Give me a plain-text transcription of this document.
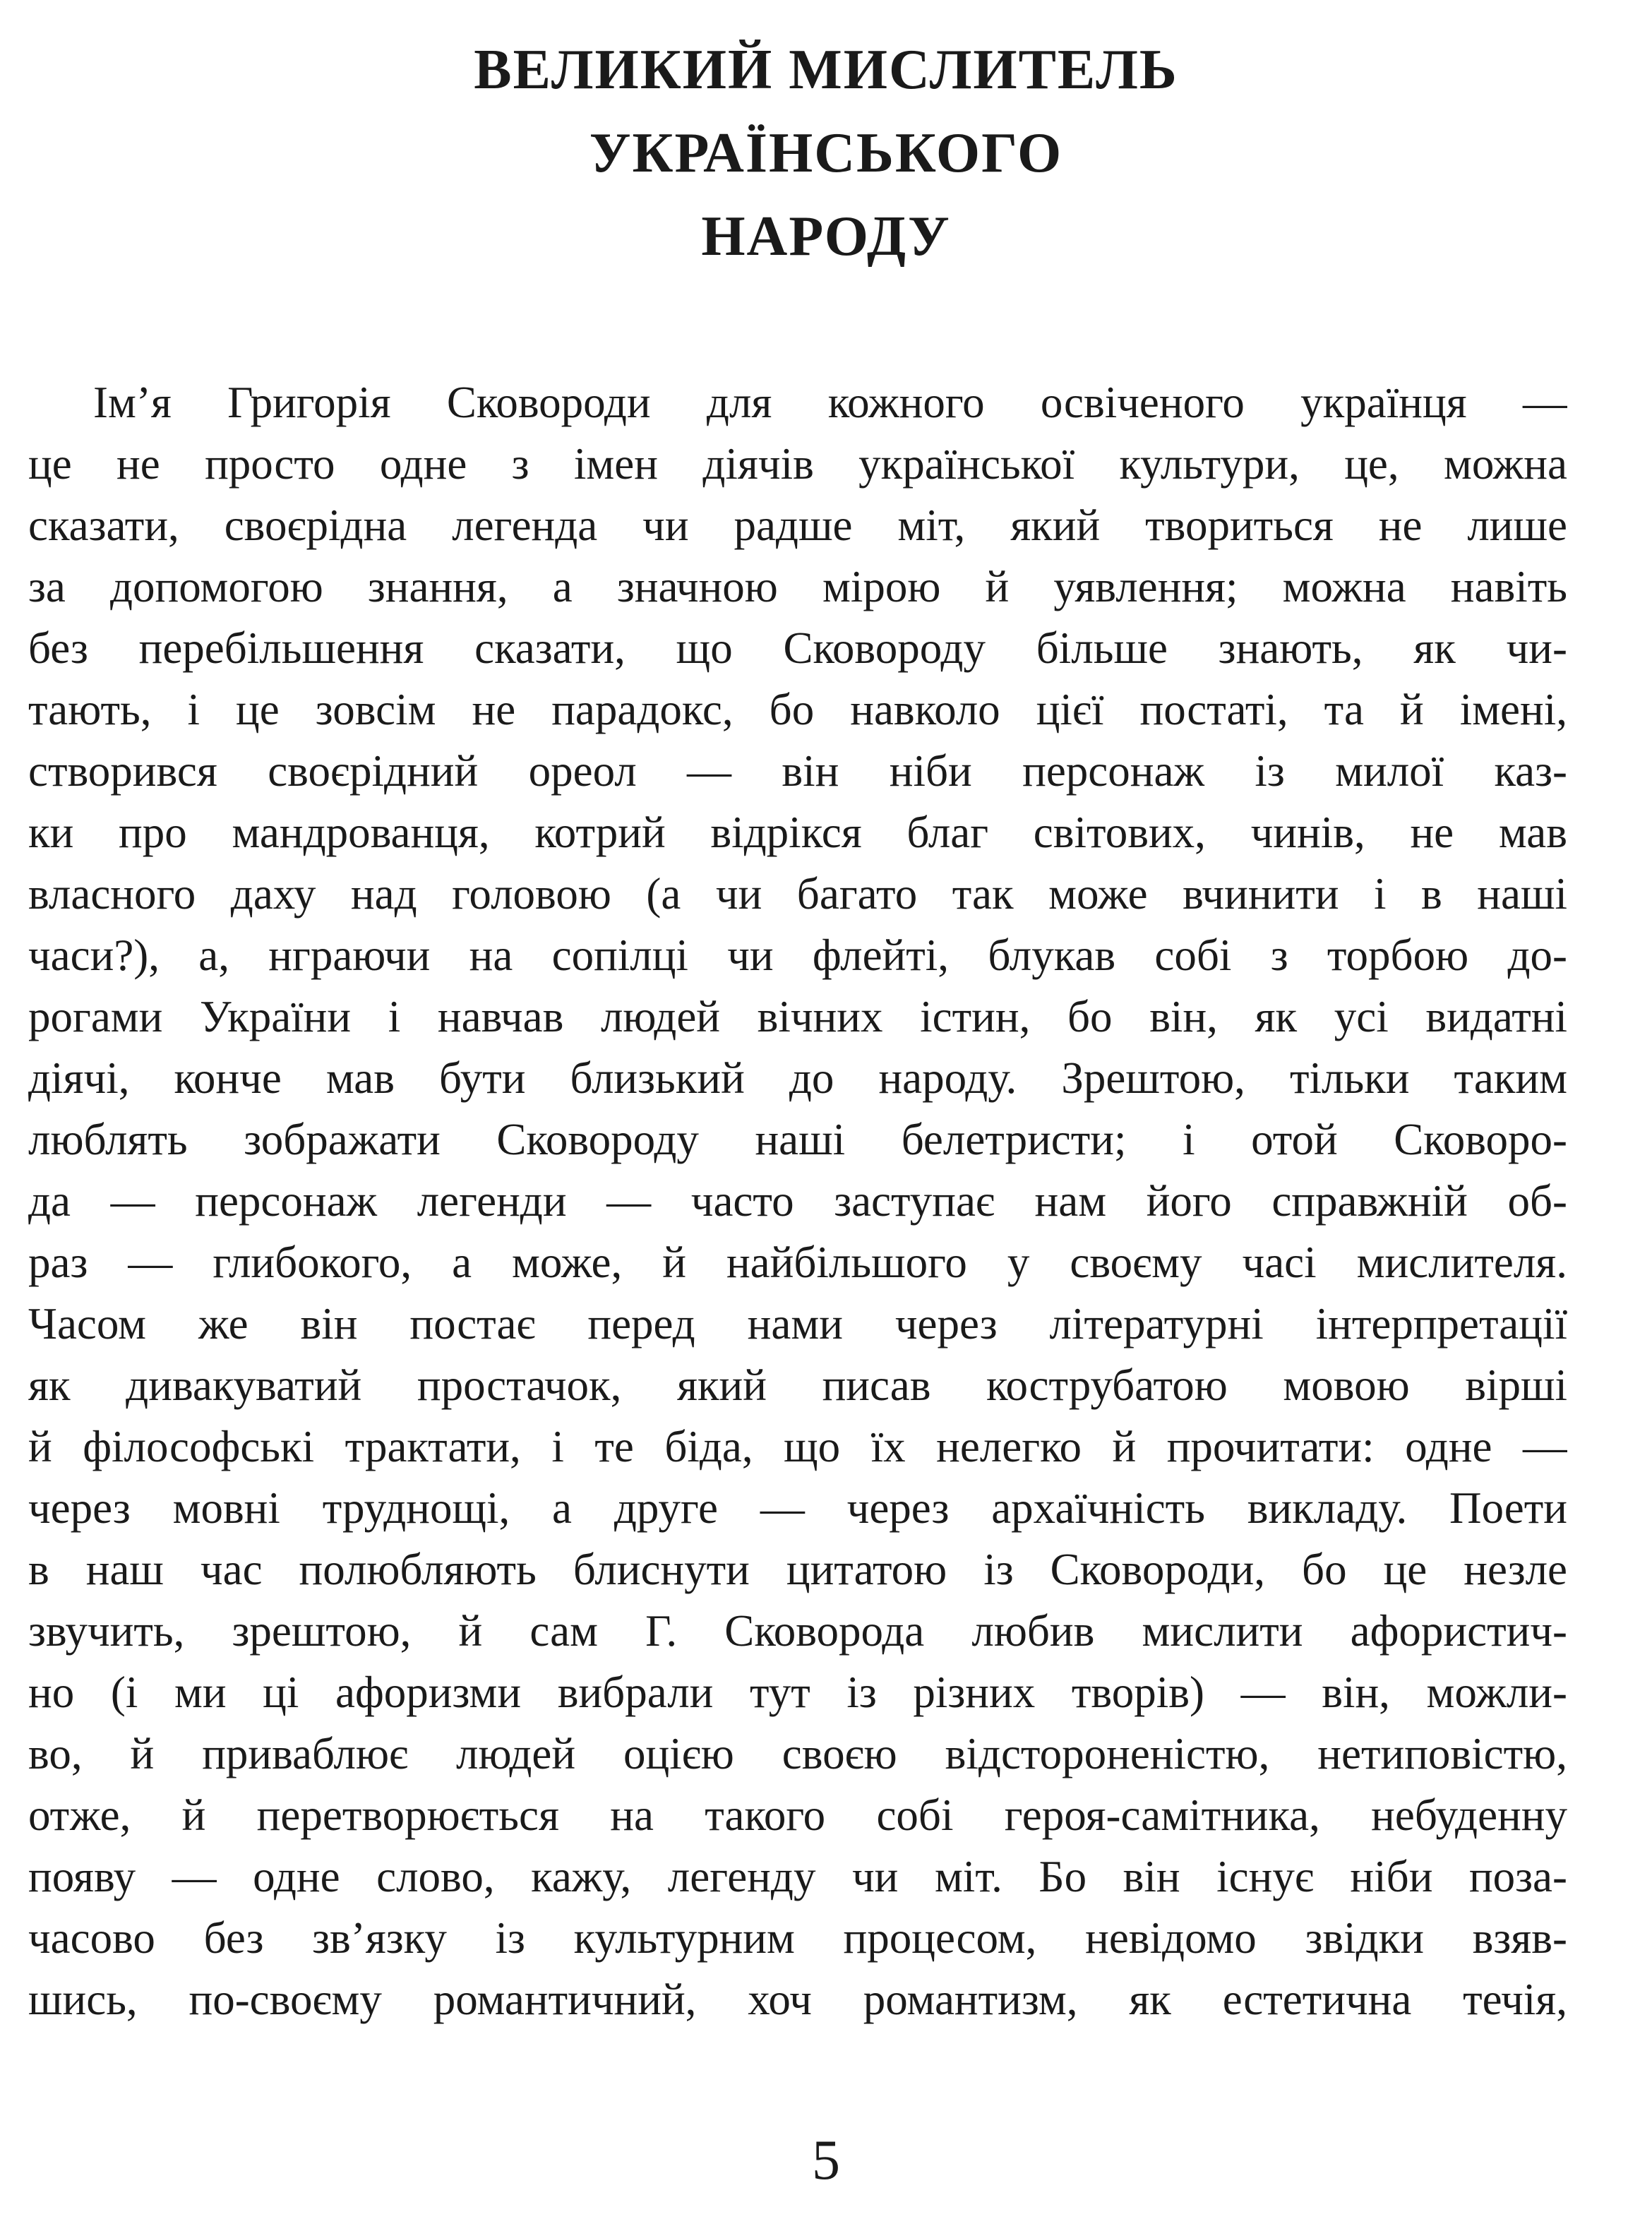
ВЕЛИКИЙ МИСЛИТЕЛЬ
УКРАЇНСЬКОГО
НАРОДУ
Ім’я Григорія Сковороди для кожного освіченого українця —
це не просто одне з імен діячів української культури, це, можна
сказати, своєрідна легенда чи радше міт, який твориться не лише
за допомогою знання, а значною мірою й уявлення; можна навіть
без перебільшення сказати, що Сковороду більше знають, як чи-
тають, і це зовсім не парадокс, бо навколо цієї постаті, та й імені,
створився своєрідний ореол — він ніби персонаж із милої каз-
ки про мандрованця, котрий відрікся благ світових, чинів, не мав
власного даху над головою (а чи багато так може вчинити і в наші
часи?), а, нграючи на сопілці чи флейті, блукав собі з торбою до-
рогами України і навчав людей вічних істин, бо він, як усі видатні
діячі, конче мав бути близький до народу. Зрештою, тільки таким
люблять зображати Сковороду наші белетристи; і отой Сковоро-
да — персонаж легенди — часто заступає нам його справжній об-
раз — глибокого, а може, й найбільшого у своєму часі мислителя.
Часом же він постає перед нами через літературні інтерпретації
як дивакуватий простачок, який писав кострубатою мовою вірші
й філософські трактати, і те біда, що їх нелегко й прочитати: одне —
через мовні труднощі, а друге — через архаїчність викладу. Поети
в наш час полюбляють блиснути цитатою із Сковороди, бо це незле
звучить, зрештою, й сам Г. Сковорода любив мислити афористич-
но (і ми ці афоризми вибрали тут із різних творів) — він, можли-
во, й приваблює людей оцією своєю відстороненістю, нетиповістю,
отже, й перетворюється на такого собі героя-самітника, небуденну
появу — одне слово, кажу, легенду чи міт. Бо він існує ніби поза-
часово без зв’язку із культурним процесом, невідомо звідки взяв-
шись, по-своєму романтичний, хоч романтизм, як естетична течія,
5
